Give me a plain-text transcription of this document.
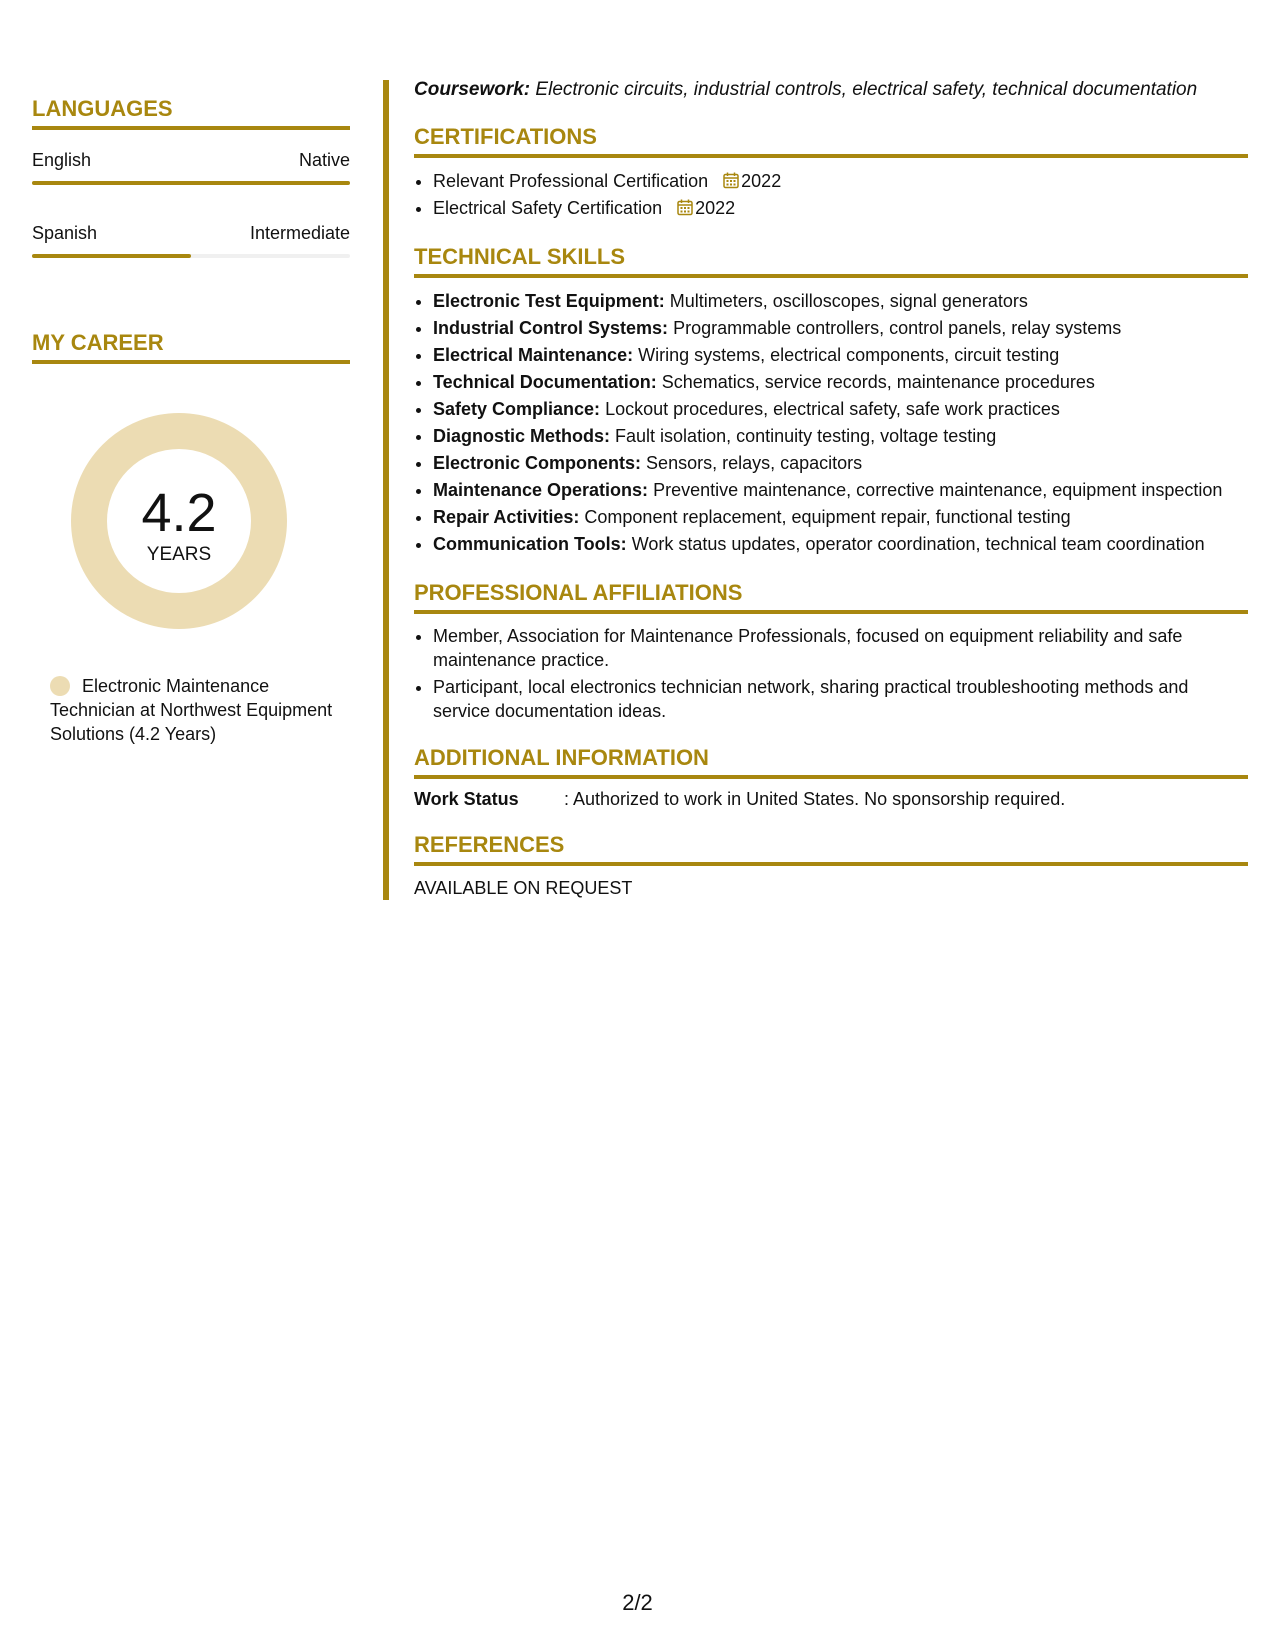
LANGUAGES
English	Native
Spanish	Intermediate
MY CAREER
4.2
YEARS
Electronic Maintenance Technician at Northwest Equipment Solutions (4.2 Years)

Coursework: Electronic circuits, industrial controls, electrical safety, technical documentation

CERTIFICATIONS
• Relevant Professional Certification 2022
• Electrical Safety Certification 2022
TECHNICAL SKILLS
• Electronic Test Equipment: Multimeters, oscilloscopes, signal generators
• Industrial Control Systems: Programmable controllers, control panels, relay systems
• Electrical Maintenance: Wiring systems, electrical components, circuit testing
• Technical Documentation: Schematics, service records, maintenance procedures
• Safety Compliance: Lockout procedures, electrical safety, safe work practices
• Diagnostic Methods: Fault isolation, continuity testing, voltage testing
• Electronic Components: Sensors, relays, capacitors
• Maintenance Operations: Preventive maintenance, corrective maintenance, equipment inspection
• Repair Activities: Component replacement, equipment repair, functional testing
• Communication Tools: Work status updates, operator coordination, technical team coordination
PROFESSIONAL AFFILIATIONS
• Member, Association for Maintenance Professionals, focused on equipment reliability and safe maintenance practice.
• Participant, local electronics technician network, sharing practical troubleshooting methods and service documentation ideas.
ADDITIONAL INFORMATION
Work Status	: Authorized to work in United States. No sponsorship required.
REFERENCES
AVAILABLE ON REQUEST
2/2
